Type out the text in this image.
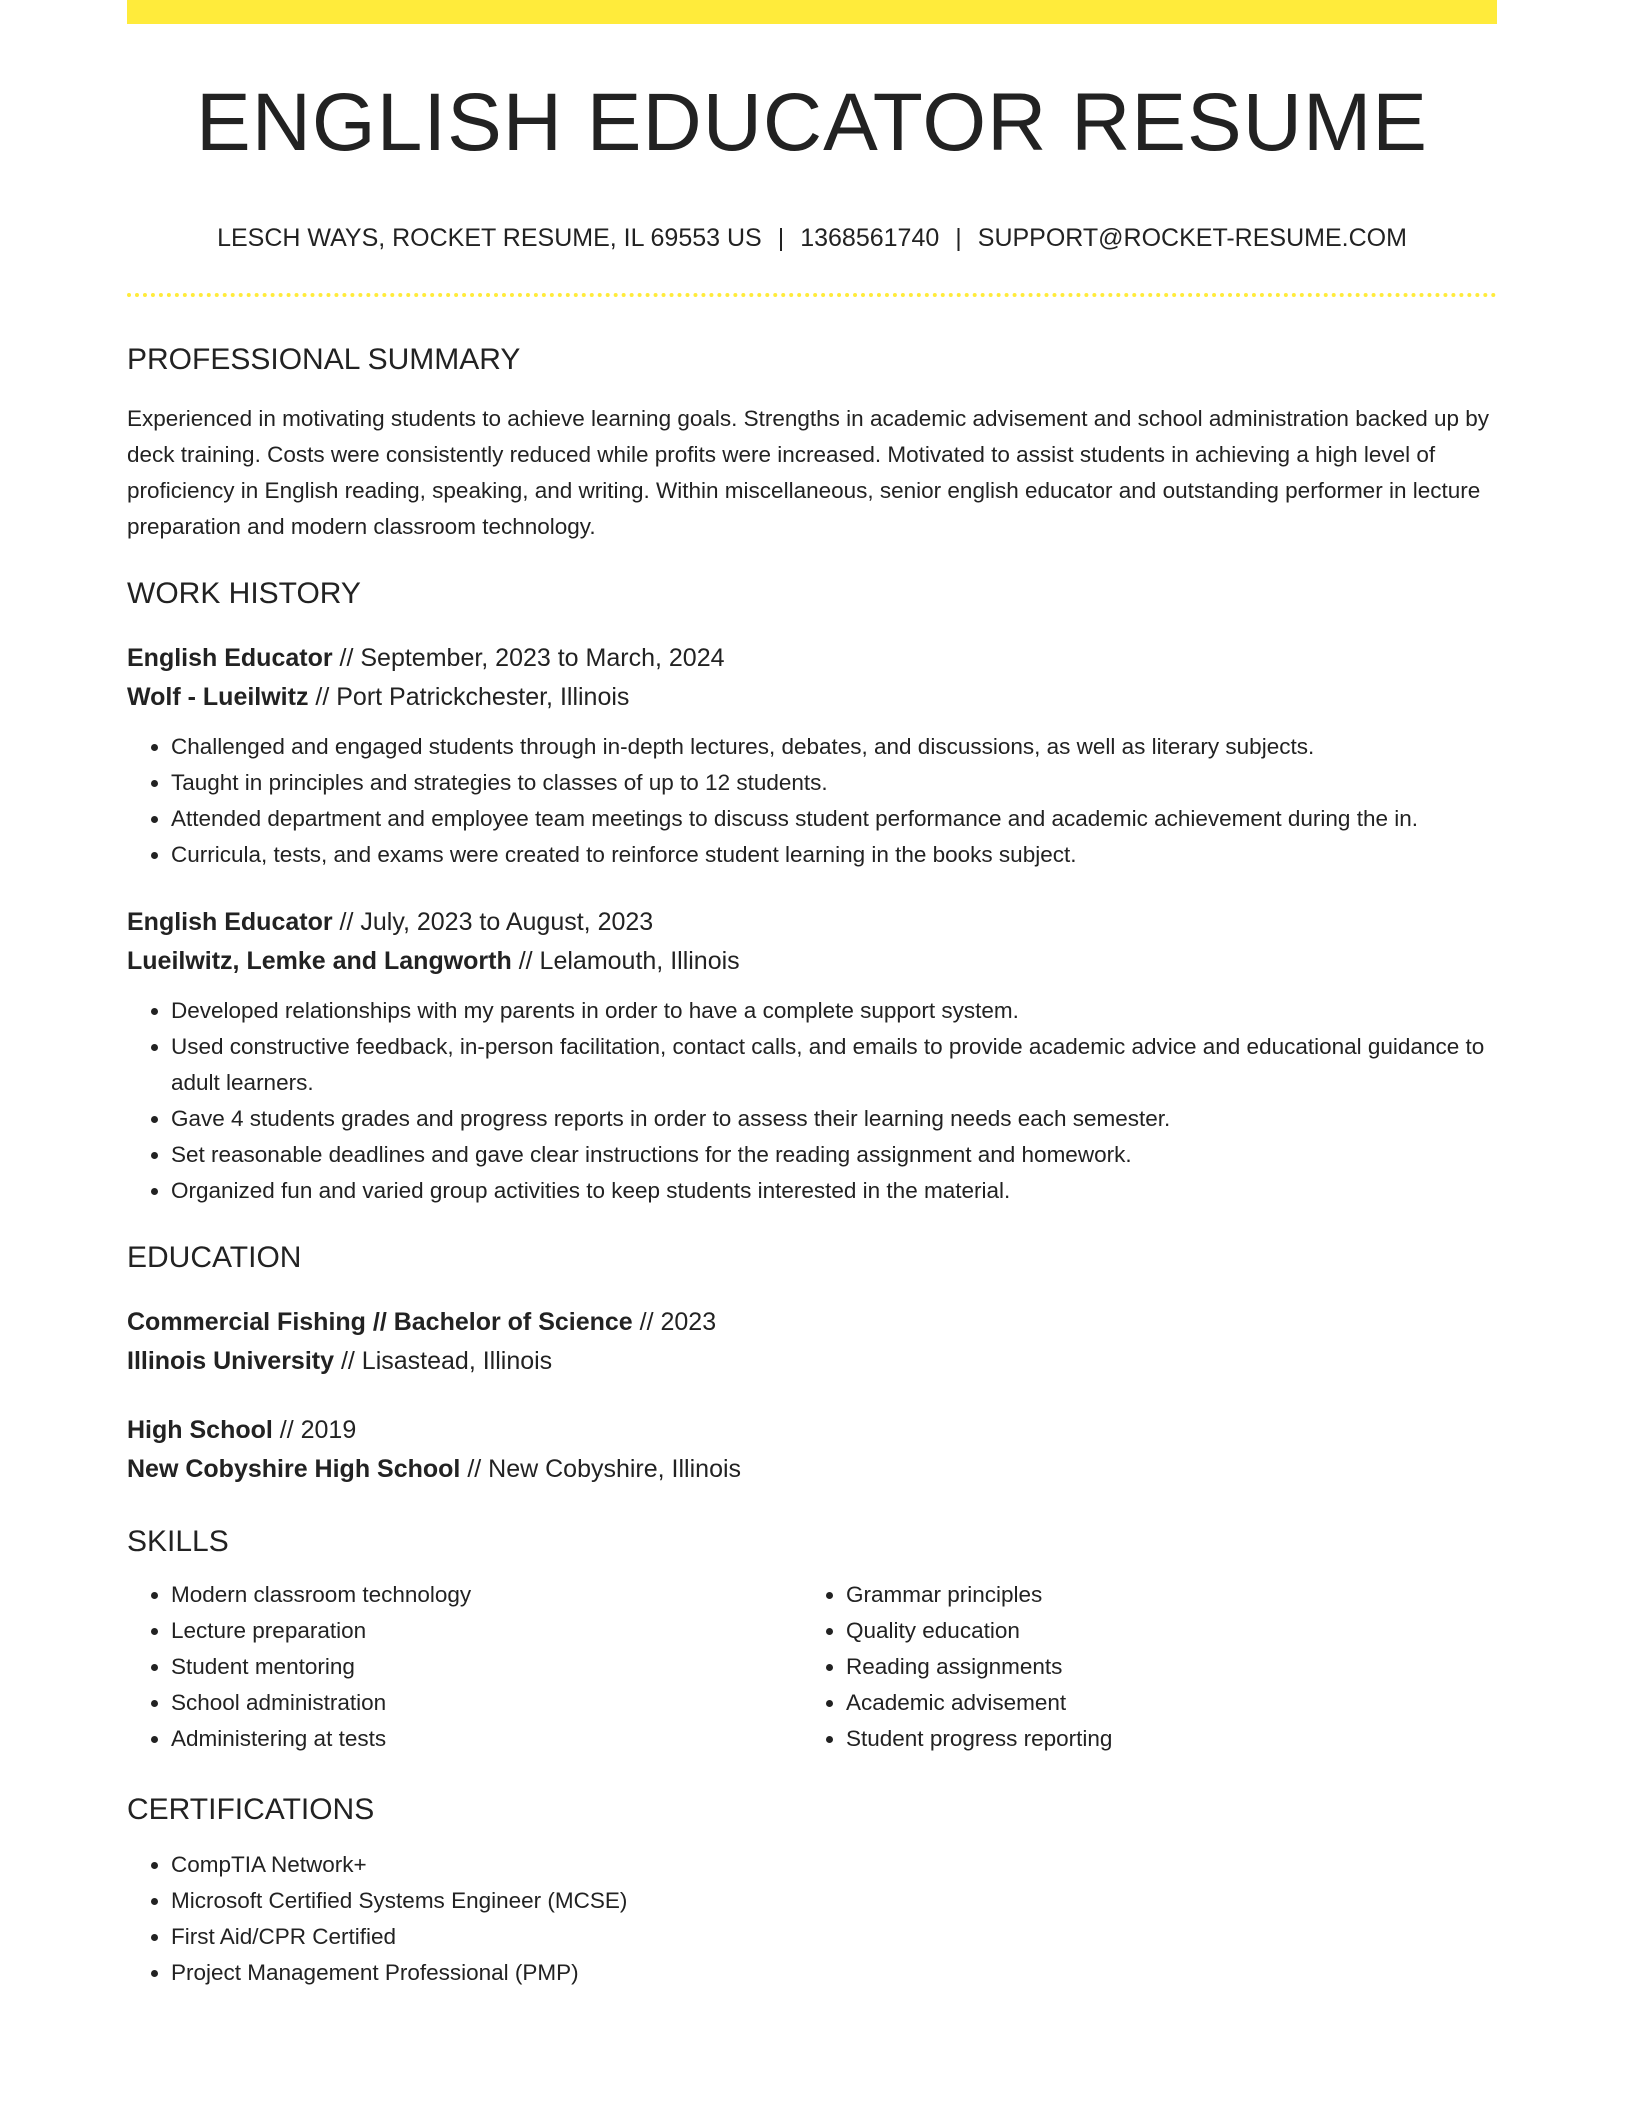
ENGLISH EDUCATOR RESUME
LESCH WAYS, ROCKET RESUME, IL 69553 US | 1368561740 | SUPPORT@ROCKET-RESUME.COM
PROFESSIONAL SUMMARY

Experienced in motivating students to achieve learning goals. Strengths in academic advisement and school administration backed up by deck training. Costs were consistently reduced while profits were increased. Motivated to assist students in achieving a high level of proficiency in English reading, speaking, and writing. Within miscellaneous, senior english educator and outstanding performer in lecture preparation and modern classroom technology.

WORK HISTORY
English Educator // September, 2023 to March, 2024
Wolf - Lueilwitz // Port Patrickchester, Illinois
• Challenged and engaged students through in-depth lectures, debates, and discussions, as well as literary subjects.
• Taught in principles and strategies to classes of up to 12 students.
• Attended department and employee team meetings to discuss student performance and academic achievement during the in.
• Curricula, tests, and exams were created to reinforce student learning in the books subject.
English Educator // July, 2023 to August, 2023
Lueilwitz, Lemke and Langworth // Lelamouth, Illinois
• Developed relationships with my parents in order to have a complete support system.
• Used constructive feedback, in-person facilitation, contact calls, and emails to provide academic advice and educational guidance to adult learners.
• Gave 4 students grades and progress reports in order to assess their learning needs each semester.
• Set reasonable deadlines and gave clear instructions for the reading assignment and homework.
• Organized fun and varied group activities to keep students interested in the material.
EDUCATION
Commercial Fishing // Bachelor of Science // 2023
Illinois University // Lisastead, Illinois
High School // 2019
New Cobyshire High School // New Cobyshire, Illinois
SKILLS
• Modern classroom technology
• Lecture preparation
• Student mentoring
• School administration
• Administering at tests
• Grammar principles
• Quality education
• Reading assignments
• Academic advisement
• Student progress reporting
CERTIFICATIONS
• CompTIA Network+
• Microsoft Certified Systems Engineer (MCSE)
• First Aid/CPR Certified
• Project Management Professional (PMP)
